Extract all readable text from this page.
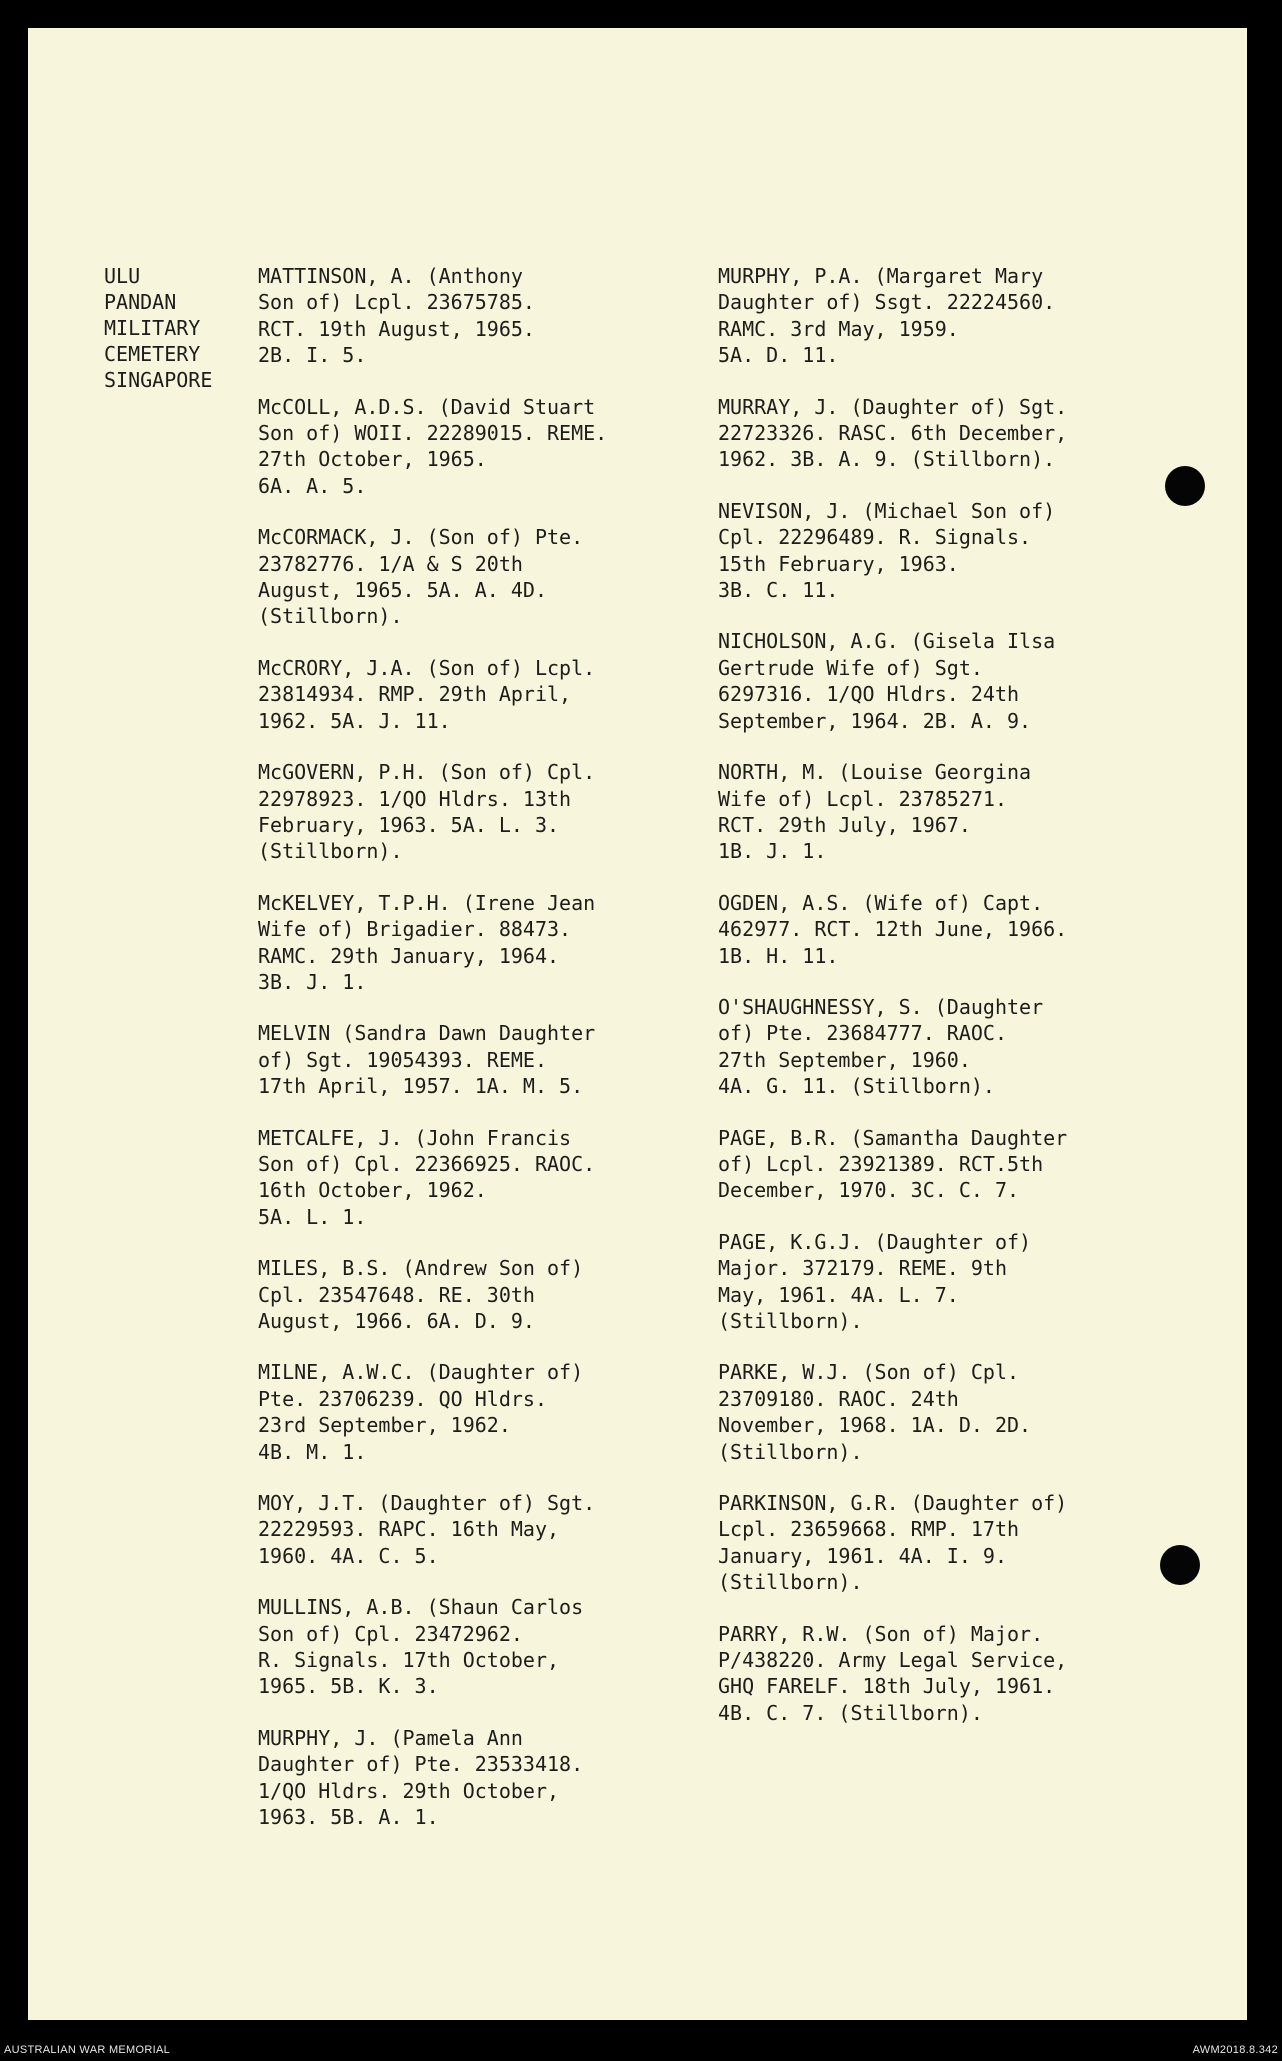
ULU
PANDAN
MILITARY
CEMETERY
SINGAPORE
MATTINSON, A. (Anthony
Son of) Lcpl. 23675785.
RCT. 19th August, 1965.
2B. I. 5.
McCOLL, A.D.S. (David Stuart
Son of) WOII. 22289015. REME.
27th October, 1965.
6A. A. 5.
McCORMACK, J. (Son of) Pte.
23782776. 1/A & S 20th
August, 1965. 5A. A. 4D.
(Stillborn).
McCRORY, J.A. (Son of) Lcpl.
23814934. RMP. 29th April,
1962. 5A. J. 11.
McGOVERN, P.H. (Son of) Cpl.
22978923. 1/QO Hldrs. 13th
February, 1963. 5A. L. 3.
(Stillborn).
McKELVEY, T.P.H. (Irene Jean
Wife of) Brigadier. 88473.
RAMC. 29th January, 1964.
3B. J. 1.
MELVIN (Sandra Dawn Daughter
of) Sgt. 19054393. REME.
17th April, 1957. 1A. M. 5.
METCALFE, J. (John Francis
Son of) Cpl. 22366925. RAOC.
16th October, 1962.
5A. L. 1.
MILES, B.S. (Andrew Son of)
Cpl. 23547648. RE. 30th
August, 1966. 6A. D. 9.
MILNE, A.W.C. (Daughter of)
Pte. 23706239. QO Hldrs.
23rd September, 1962.
4B. M. 1.
MOY, J.T. (Daughter of) Sgt.
22229593. RAPC. 16th May,
1960. 4A. C. 5.
MULLINS, A.B. (Shaun Carlos
Son of) Cpl. 23472962.
R. Signals. 17th October,
1965. 5B. K. 3.
MURPHY, J. (Pamela Ann
Daughter of) Pte. 23533418.
1/QO Hldrs. 29th October,
1963. 5B. A. 1.
MURPHY, P.A. (Margaret Mary
Daughter of) Ssgt. 22224560.
RAMC. 3rd May, 1959.
5A. D. 11.
MURRAY, J. (Daughter of) Sgt.
22723326. RASC. 6th December,
1962. 3B. A. 9. (Stillborn).
NEVISON, J. (Michael Son of)
Cpl. 22296489. R. Signals.
15th February, 1963.
3B. C. 11.
NICHOLSON, A.G. (Gisela Ilsa
Gertrude Wife of) Sgt.
6297316. 1/QO Hldrs. 24th
September, 1964. 2B. A. 9.
NORTH, M. (Louise Georgina
Wife of) Lcpl. 23785271.
RCT. 29th July, 1967.
1B. J. 1.
OGDEN, A.S. (Wife of) Capt.
462977. RCT. 12th June, 1966.
1B. H. 11.
O'SHAUGHNESSY, S. (Daughter
of) Pte. 23684777. RAOC.
27th September, 1960.
4A. G. 11. (Stillborn).
PAGE, B.R. (Samantha Daughter
of) Lcpl. 23921389. RCT.5th
December, 1970. 3C. C. 7.
PAGE, K.G.J. (Daughter of)
Major. 372179. REME. 9th
May, 1961. 4A. L. 7.
(Stillborn).
PARKE, W.J. (Son of) Cpl.
23709180. RAOC. 24th
November, 1968. 1A. D. 2D.
(Stillborn).
PARKINSON, G.R. (Daughter of)
Lcpl. 23659668. RMP. 17th
January, 1961. 4A. I. 9.
(Stillborn).
PARRY, R.W. (Son of) Major.
P/438220. Army Legal Service,
GHQ FARELF. 18th July, 1961.
4B. C. 7. (Stillborn).
AUSTRALIAN WAR MEMORIAL	AWM2018.8.342
